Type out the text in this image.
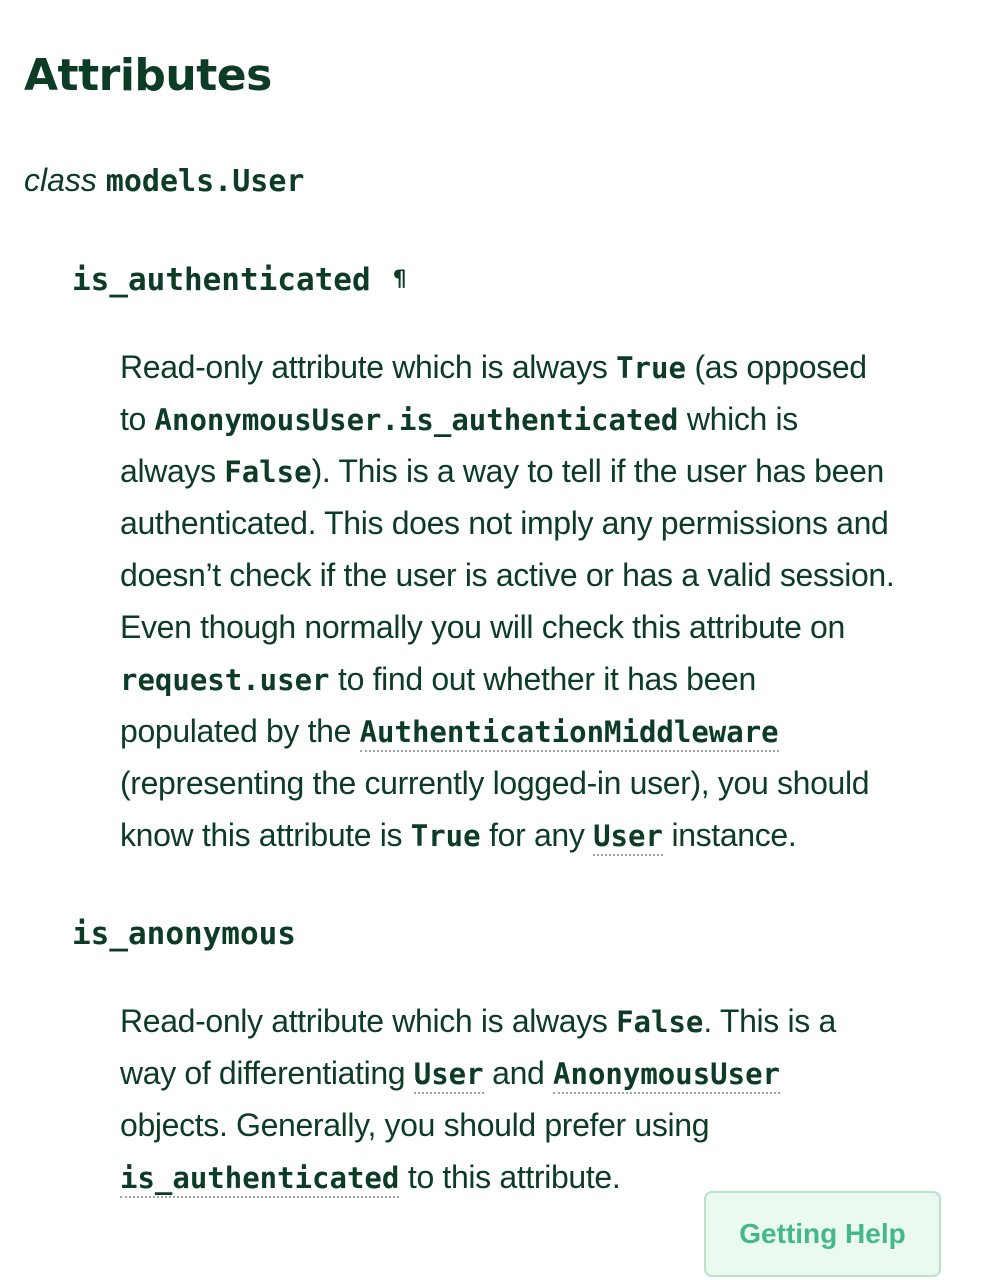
Attributes
class models.User
is_authenticated ¶
Read-only attribute which is always True (as opposed
to AnonymousUser.is_authenticated which is
always False). This is a way to tell if the user has been
authenticated. This does not imply any permissions and
doesn’t check if the user is active or has a valid session.
Even though normally you will check this attribute on
request.user to find out whether it has been
populated by the AuthenticationMiddleware
(representing the currently logged-in user), you should
know this attribute is True for any User instance.
is_anonymous
Read-only attribute which is always False. This is a
way of differentiating User and AnonymousUser
objects. Generally, you should prefer using
is_authenticated to this attribute.
Getting Help
